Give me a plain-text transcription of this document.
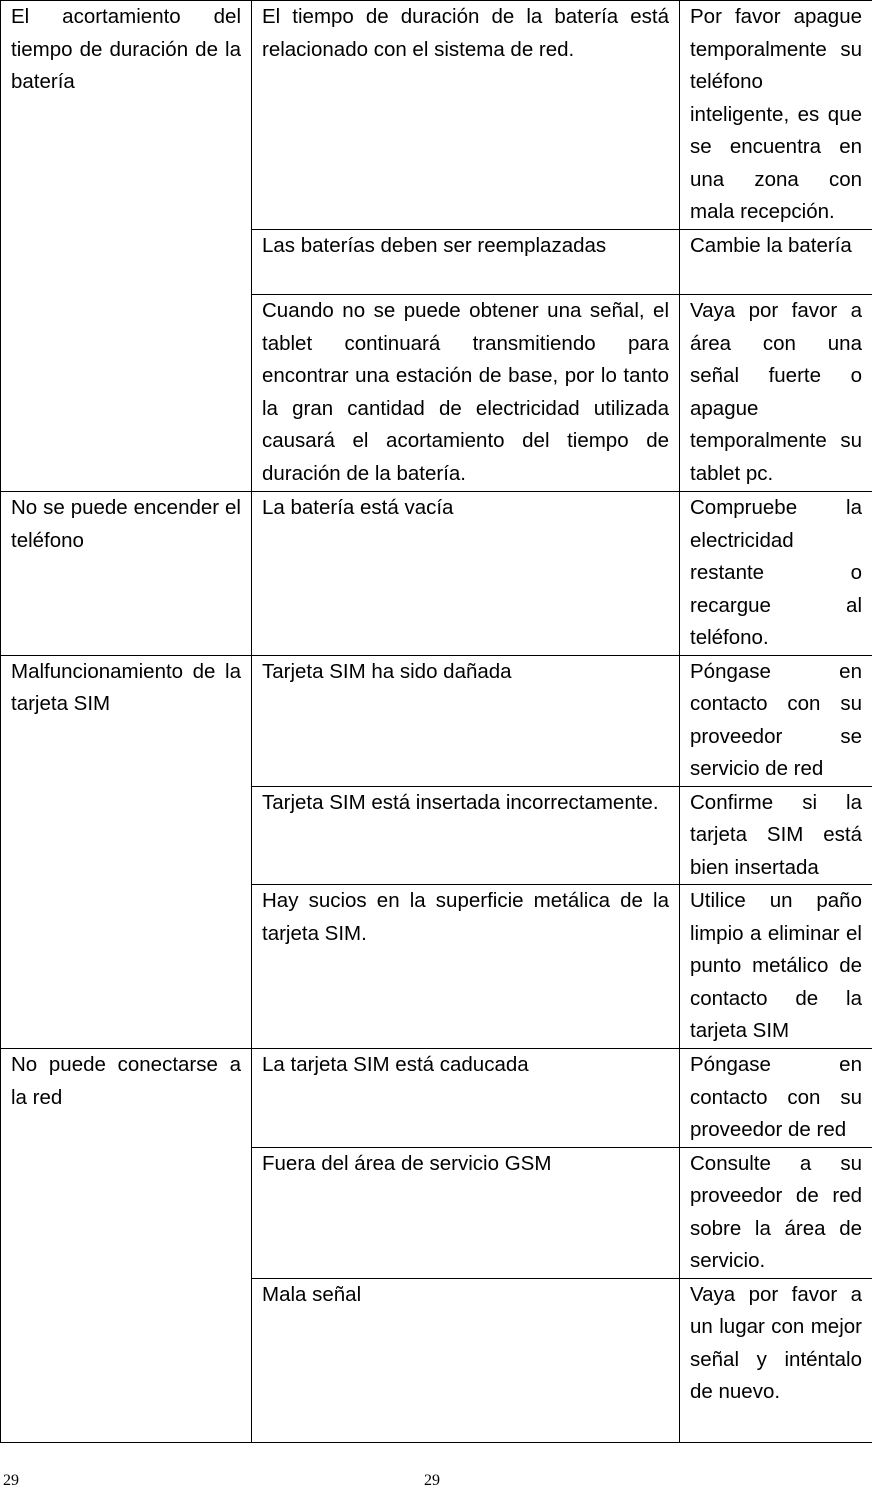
El acortamiento del tiempo de duración de la batería	El tiempo de duración de la batería está relacionado con el sistema de red.	Por favor apague temporalmente su teléfono inteligente, es que se encuentra en una zona con mala recepción.
	Las baterías deben ser reemplazadas	Cambie la batería
	Cuando no se puede obtener una señal, el tablet continuará transmitiendo para encontrar una estación de base, por lo tanto la gran cantidad de electricidad utilizada causará el acortamiento del tiempo de duración de la batería.	Vaya por favor a área con una señal fuerte o apague temporalmente su tablet pc.
No se puede encender el teléfono	La batería está vacía	Compruebe la electricidad restante o recargue al teléfono.
Malfuncionamiento de la tarjeta SIM	Tarjeta SIM ha sido dañada	Póngase en contacto con su proveedor se servicio de red
	Tarjeta SIM está insertada incorrectamente.	Confirme si la tarjeta SIM está bien insertada
	Hay sucios en la superficie metálica de la tarjeta SIM.	Utilice un paño limpio a eliminar el punto metálico de contacto de la tarjeta SIM
No puede conectarse a la red	La tarjeta SIM está caducada	Póngase en contacto con su proveedor de red
	Fuera del área de servicio GSM	Consulte a su proveedor de red sobre la área de servicio.
	Mala señal	Vaya por favor a un lugar con mejor señal y inténtalo de nuevo.
29	29
